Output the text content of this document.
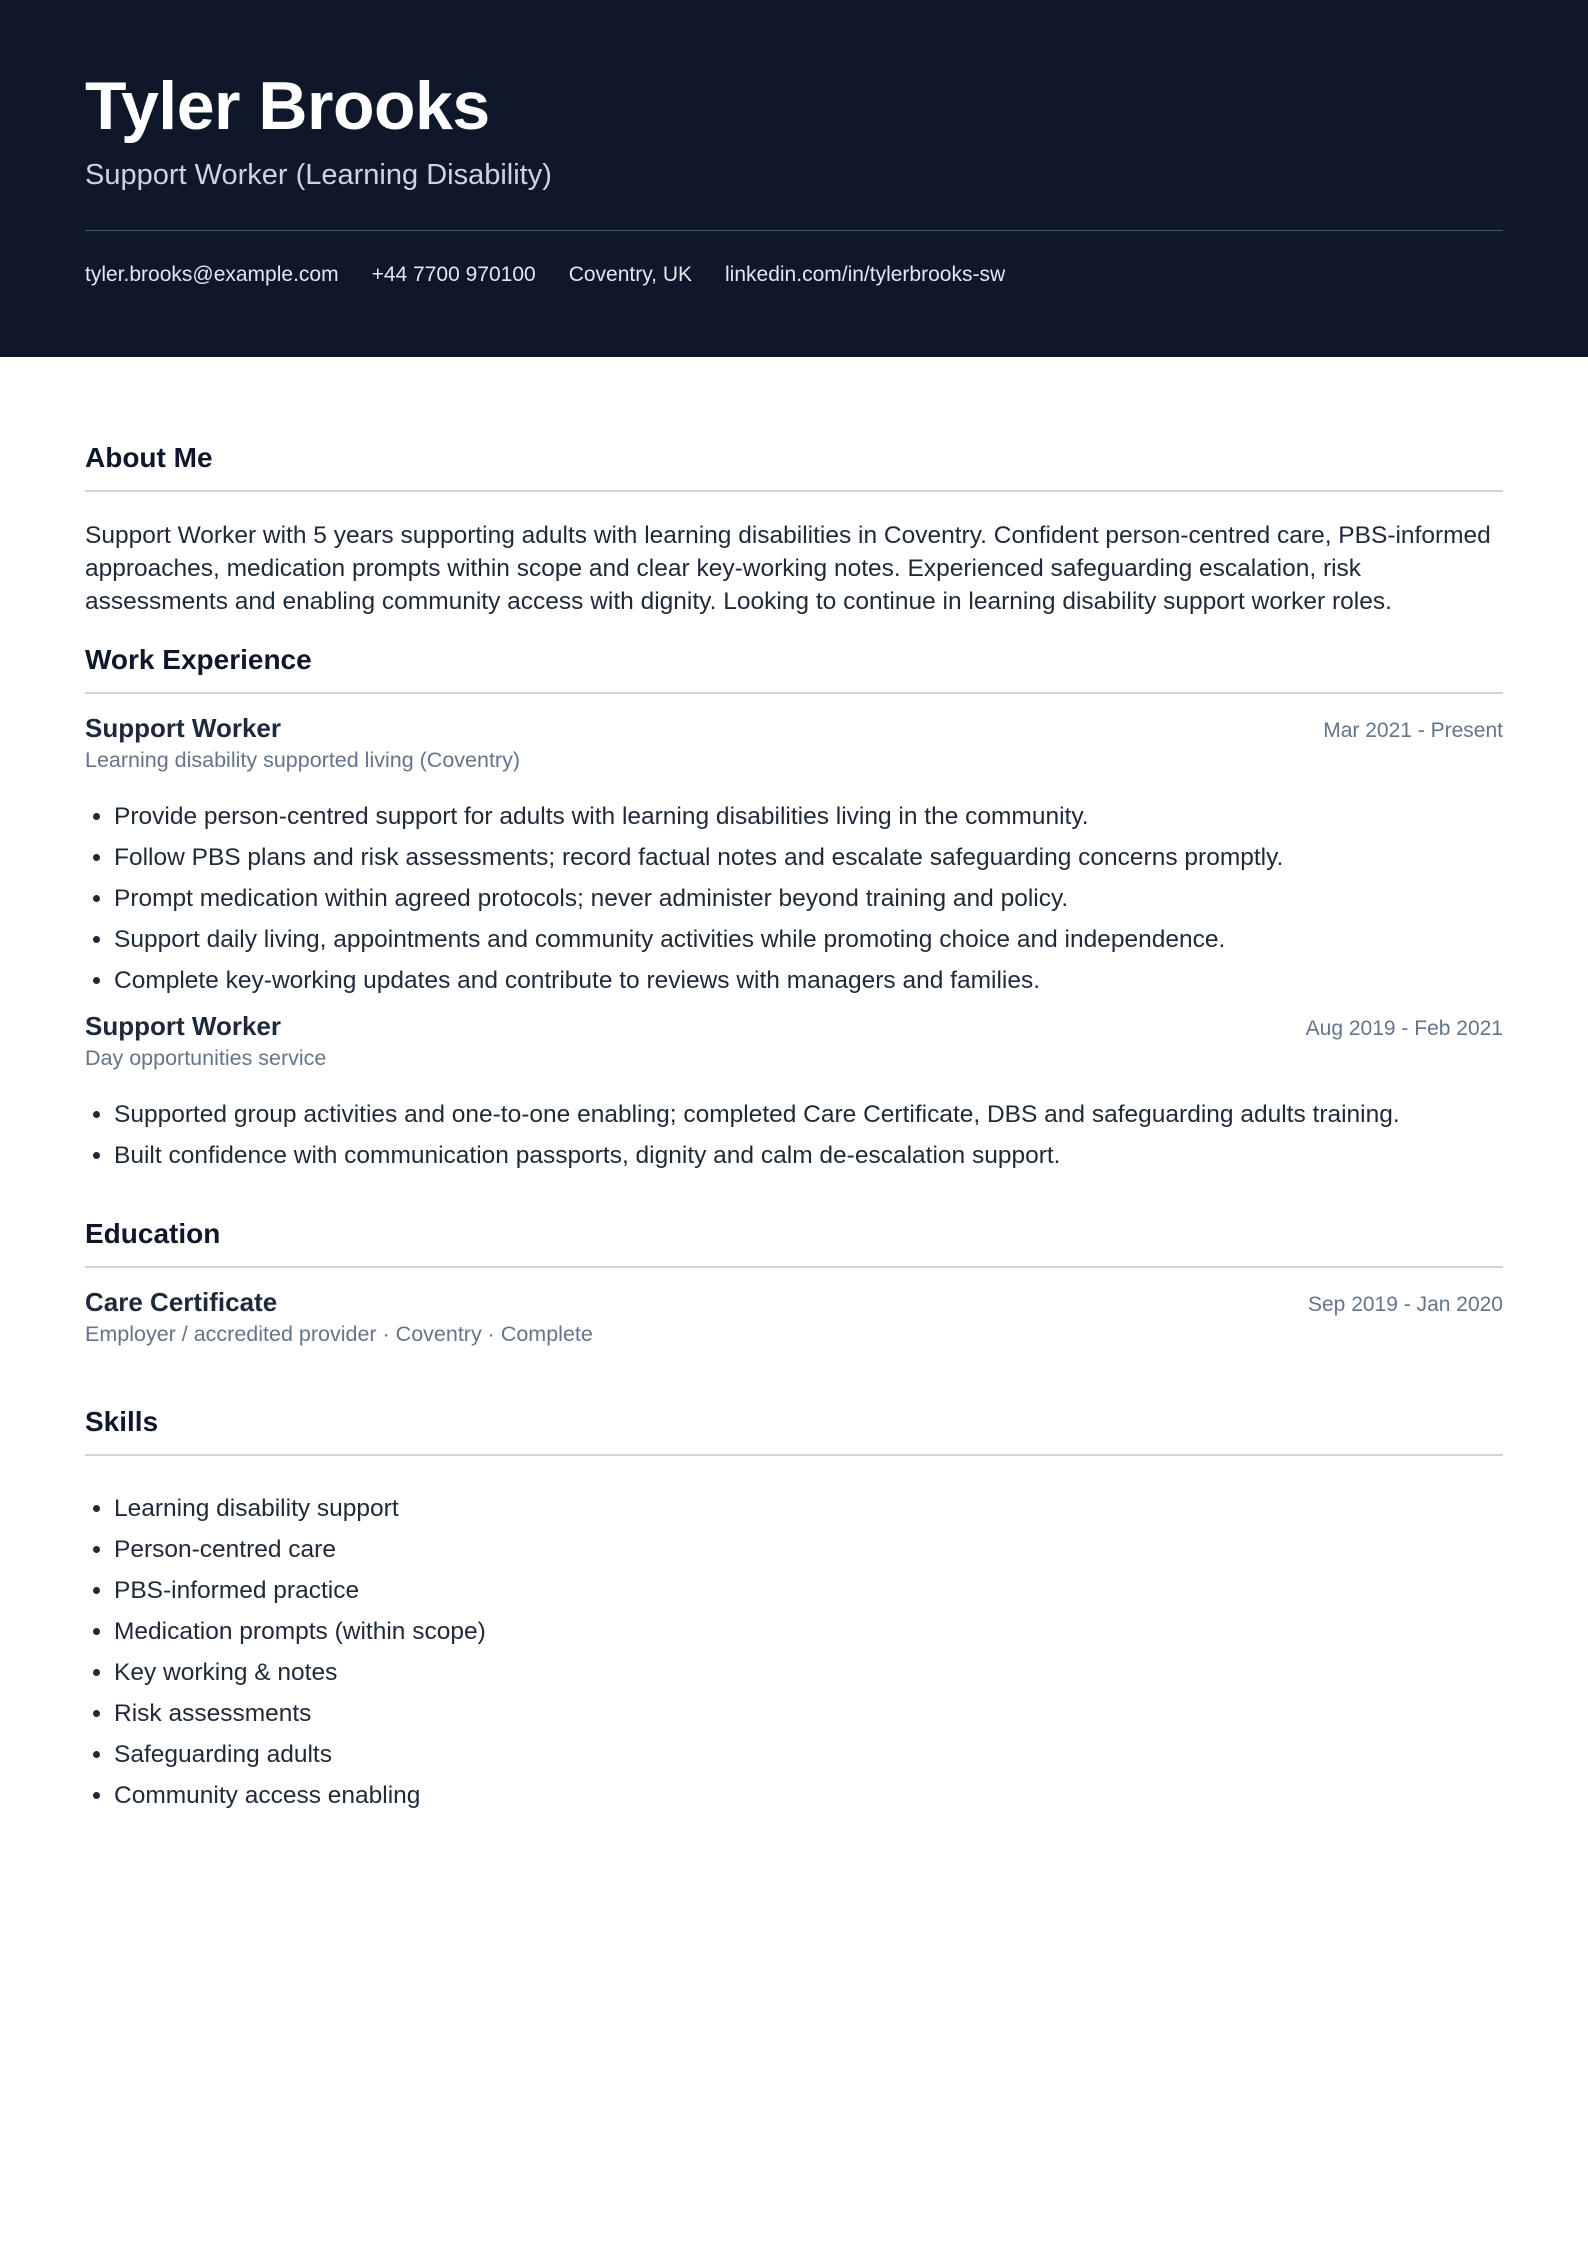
Tyler Brooks
Support Worker (Learning Disability)
tyler.brooks@example.com +44 7700 970100 Coventry, UK linkedin.com/in/tylerbrooks-sw
About Me
Support Worker with 5 years supporting adults with learning disabilities in Coventry. Confident person-centred care, PBS-informed approaches, medication prompts within scope and clear key-working notes. Experienced safeguarding escalation, risk assessments and enabling community access with dignity. Looking to continue in learning disability support worker roles.
Work Experience
Support Worker	Mar 2021 - Present
Learning disability supported living (Coventry)
• Provide person-centred support for adults with learning disabilities living in the community.
• Follow PBS plans and risk assessments; record factual notes and escalate safeguarding concerns promptly.
• Prompt medication within agreed protocols; never administer beyond training and policy.
• Support daily living, appointments and community activities while promoting choice and independence.
• Complete key-working updates and contribute to reviews with managers and families.
Support Worker	Aug 2019 - Feb 2021
Day opportunities service
• Supported group activities and one-to-one enabling; completed Care Certificate, DBS and safeguarding adults training.
• Built confidence with communication passports, dignity and calm de-escalation support.
Education
Care Certificate	Sep 2019 - Jan 2020
Employer / accredited provider · Coventry · Complete
Skills
• Learning disability support
• Person-centred care
• PBS-informed practice
• Medication prompts (within scope)
• Key working & notes
• Risk assessments
• Safeguarding adults
• Community access enabling
